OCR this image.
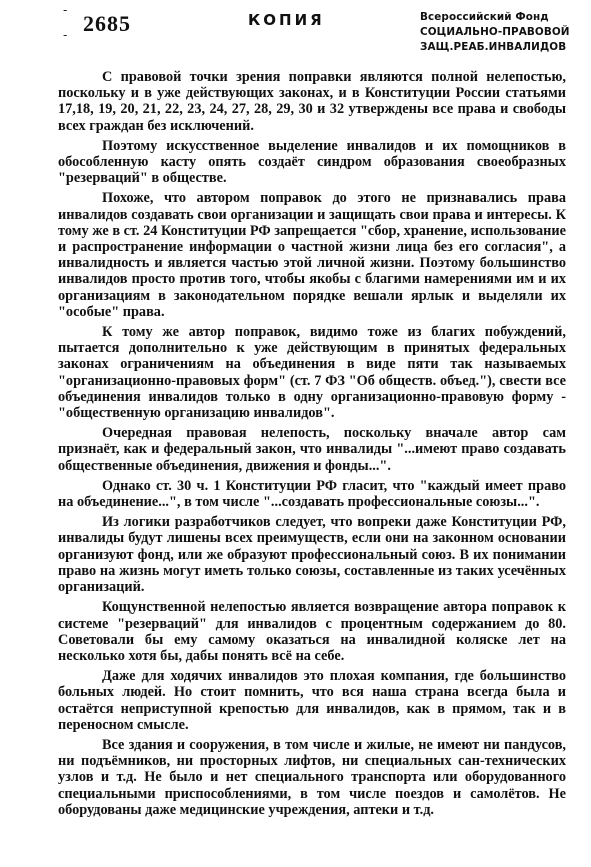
-
- 2685	КОПИЯ	Всероссийский Фонд
СОЦИАЛЬНО-ПРАВОВОЙ
ЗАЩ.РЕАБ.ИНВАЛИДОВ

С правовой точки зрения поправки являются полной нелепостью, поскольку и в уже действующих законах, и в Конституции России статьями 17,18, 19, 20, 21, 22, 23, 24, 27, 28, 29, 30 и 32 утверждены все права и свободы всех граждан без исключений.

Поэтому искусственное выделение инвалидов и их помощников в обособленную касту опять создаёт синдром образования своеобразных "резерваций" в обществе.

Похоже, что автором поправок до этого не признавались права инвалидов создавать свои организации и защищать свои права и интересы. К тому же в ст. 24 Конституции РФ запрещается "сбор, хранение, использование и распространение информации о частной жизни лица без его согласия", а инвалидность и является частью этой личной жизни. Поэтому большинство инвалидов просто против того, чтобы якобы с благими намерениями им и их организациям в законодательном порядке вешали ярлык и выделяли их "особые" права.

К тому же автор поправок, видимо тоже из благих побуждений, пытается дополнительно к уже действующим в принятых федеральных законах ограничениям на объединения в виде пяти так называемых "организационно-правовых форм" (ст. 7 ФЗ "Об обществ. объед."), свести все объединения инвалидов только в одну организационно-правовую форму - "общественную организацию инвалидов".

Очередная правовая нелепость, поскольку вначале автор сам признаёт, как и федеральный закон, что инвалиды "...имеют право создавать общественные объединения, движения и фонды...".

Однако ст. 30 ч. 1 Конституции РФ гласит, что "каждый имеет право на объединение...", в том числе "...создавать профессиональные союзы...".

Из логики разработчиков следует, что вопреки даже Конституции РФ, инвалиды будут лишены всех преимуществ, если они на законном основании организуют фонд, или же образуют профессиональный союз. В их понимании право на жизнь могут иметь только союзы, составленные из таких усечённых организаций.

Кощунственной нелепостью является возвращение автора поправок к системе "резерваций" для инвалидов с процентным содержанием до 80. Советовали бы ему самому оказаться на инвалидной коляске лет на несколько хотя бы, дабы понять всё на себе.

Даже для ходячих инвалидов это плохая компания, где большинство больных людей. Но стоит помнить, что вся наша страна всегда была и остаётся неприступной крепостью для инвалидов, как в прямом, так и в переносном смысле.

Все здания и сооружения, в том числе и жилые, не имеют ни пандусов, ни подъёмников, ни просторных лифтов, ни специальных сан-технических узлов и т.д. Не было и нет специального транспорта или оборудованного специальными приспособлениями, в том числе поездов и самолётов. Не оборудованы даже медицинские учреждения, аптеки и т.д.
